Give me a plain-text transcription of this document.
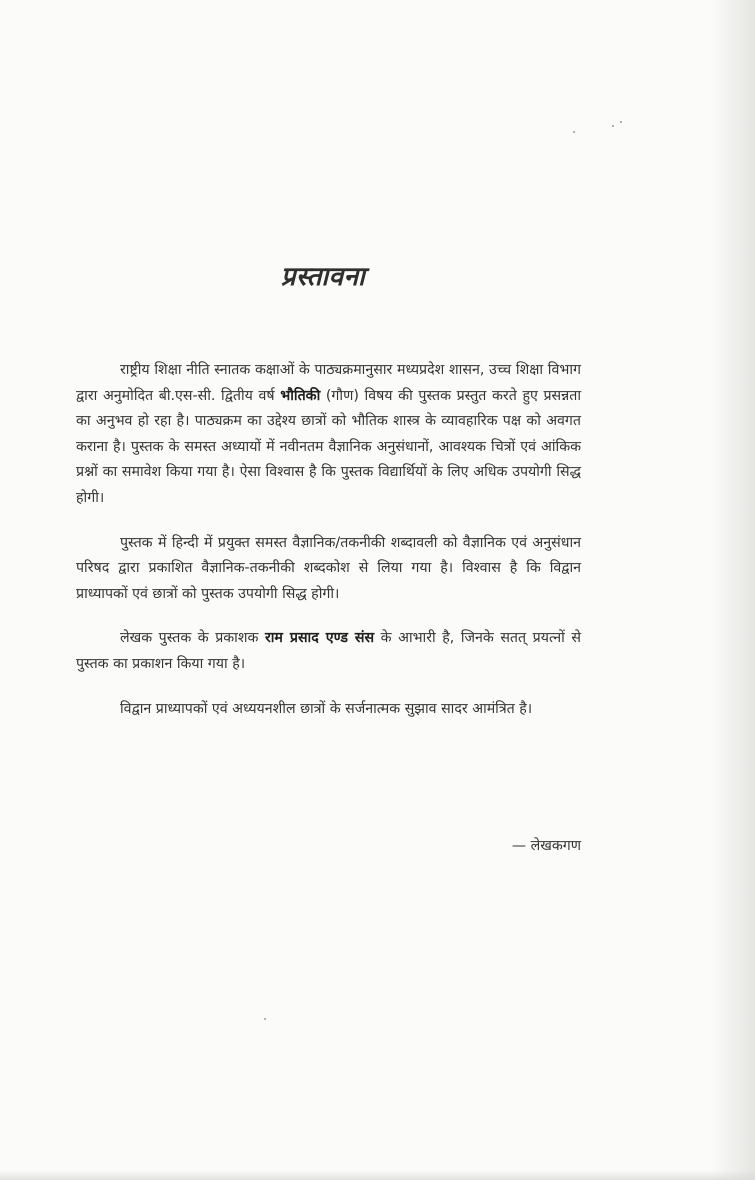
प्रस्तावना

राष्ट्रीय शिक्षा नीति स्नातक कक्षाओं के पाठ्यक्रमानुसार मध्यप्रदेश शासन, उच्च शिक्षा विभाग द्वारा अनुमोदित बी.एस-सी. द्वितीय वर्ष भौतिकी (गौण) विषय की पुस्तक प्रस्तुत करते हुए प्रसन्नता का अनुभव हो रहा है। पाठ्यक्रम का उद्देश्य छात्रों को भौतिक शास्त्र के व्यावहारिक पक्ष को अवगत कराना है। पुस्तक के समस्त अध्यायों में नवीनतम वैज्ञानिक अनुसंधानों, आवश्यक चित्रों एवं आंकिक प्रश्नों का समावेश किया गया है। ऐसा विश्वास है कि पुस्तक विद्यार्थियों के लिए अधिक उपयोगी सिद्ध होगी।

पुस्तक में हिन्दी में प्रयुक्त समस्त वैज्ञानिक/तकनीकी शब्दावली को वैज्ञानिक एवं अनुसंधान परिषद द्वारा प्रकाशित वैज्ञानिक-तकनीकी शब्दकोश से लिया गया है। विश्वास है कि विद्वान प्राध्यापकों एवं छात्रों को पुस्तक उपयोगी सिद्ध होगी।

लेखक पुस्तक के प्रकाशक राम प्रसाद एण्ड संस के आभारी है, जिनके सतत् प्रयत्नों से पुस्तक का प्रकाशन किया गया है।

विद्वान प्राध्यापकों एवं अध्ययनशील छात्रों के सर्जनात्मक सुझाव सादर आमंत्रित है।

— लेखकगण
